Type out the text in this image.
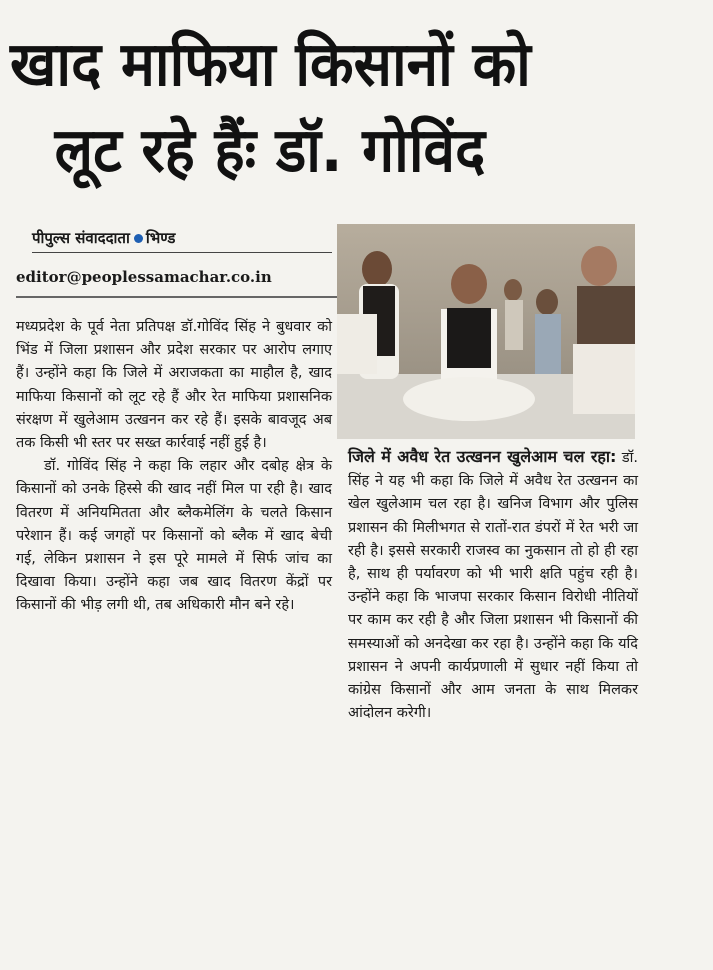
खाद माफिया किसानों को
लूट रहे हैंः डॉ. गोविंद
पीपुल्स संवाददाता भिण्ड
editor@peoplessamachar.co.in

मध्यप्रदेश के पूर्व नेता प्रतिपक्ष डॉ.गोविंद सिंह ने बुधवार को भिंड में जिला प्रशासन और प्रदेश सरकार पर आरोप लगाए हैं। उन्होंने कहा कि जिले में अराजकता का माहौल है, खाद माफिया किसानों को लूट रहे हैं और रेत माफिया प्रशासनिक संरक्षण में खुलेआम उत्खनन कर रहे हैं। इसके बावजूद अब तक किसी भी स्तर पर सख्त कार्रवाई नहीं हुई है।

डॉ. गोविंद सिंह ने कहा कि लहार और दबोह क्षेत्र के किसानों को उनके हिस्से की खाद नहीं मिल पा रही है। खाद वितरण में अनियमितता और ब्लैकमेलिंग के चलते किसान परेशान हैं। कई जगहों पर किसानों को ब्लैक में खाद बेची गई, लेकिन प्रशासन ने इस पूरे मामले में सिर्फ जांच का दिखावा किया। उन्होंने कहा जब खाद वितरण केंद्रों पर किसानों की भीड़ लगी थी, तब अधिकारी मौन बने रहे।

जिले में अवैध रेत उत्खनन खुलेआम चल रहा: डॉ. सिंह ने यह भी कहा कि जिले में अवैध रेत उत्खनन का खेल खुलेआम चल रहा है। खनिज विभाग और पुलिस प्रशासन की मिलीभगत से रातों-रात डंपरों में रेत भरी जा रही है। इससे सरकारी राजस्व का नुकसान तो हो ही रहा है, साथ ही पर्यावरण को भी भारी क्षति पहुंच रही है। उन्होंने कहा कि भाजपा सरकार किसान विरोधी नीतियों पर काम कर रही है और जिला प्रशासन भी किसानों की समस्याओं को अनदेखा कर रहा है। उन्होंने कहा कि यदि प्रशासन ने अपनी कार्यप्रणाली में सुधार नहीं किया तो कांग्रेस किसानों और आम जनता के साथ मिलकर आंदोलन करेगी।
